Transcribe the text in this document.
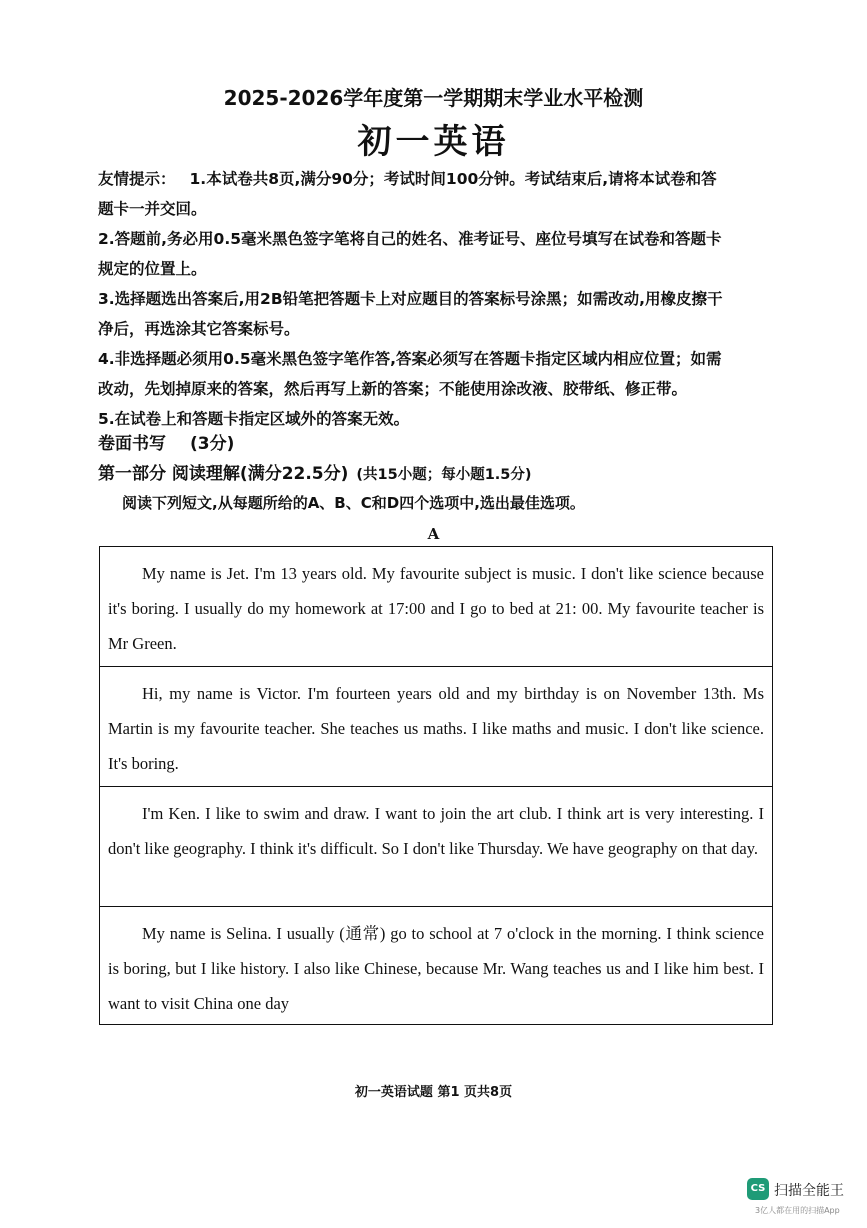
2025-2026学年度第一学期期末学业水平检测
初一英语
友情提示： 1.本试卷共8页,满分90分；考试时间100分钟。考试结束后,请将本试卷和答
题卡一并交回。
2.答题前,务必用0.5毫米黑色签字笔将自己的姓名、准考证号、座位号填写在试卷和答题卡
规定的位置上。
3.选择题选出答案后,用2B铅笔把答题卡上对应题目的答案标号涂黑；如需改动,用橡皮擦干
净后，再选涂其它答案标号。
4.非选择题必须用0.5毫米黑色签字笔作答,答案必须写在答题卡指定区域内相应位置；如需
改动，先划掉原来的答案，然后再写上新的答案；不能使用涂改液、胶带纸、修正带。
5.在试卷上和答题卡指定区域外的答案无效。
卷面书写 (3分)
第一部分 阅读理解(满分22.5分) (共15小题；每小题1.5分)
阅读下列短文,从每题所给的A、B、C和D四个选项中,选出最佳选项。
A
My name is Jet. I'm 13 years old. My favourite subject is music. I don't like science because it's boring. I usually do my homework at 17:00 and I go to bed at 21: 00. My favourite teacher is Mr Green.
Hi, my name is Victor. I'm fourteen years old and my birthday is on November 13th. Ms Martin is my favourite teacher. She teaches us maths. I like maths and music. I don't like science. It's boring.
I'm Ken. I like to swim and draw. I want to join the art club. I think art is very interesting. I don't like geography. I think it's difficult. So I don't like Thursday. We have geography on that day.
My name is Selina. I usually (通常) go to school at 7 o'clock in the morning. I think science is boring, but I like history. I also like Chinese, because Mr. Wang teaches us and I like him best. I want to visit China one day
初一英语试题 第1 页共8页
CS 扫描全能王
3亿人都在用的扫描App
